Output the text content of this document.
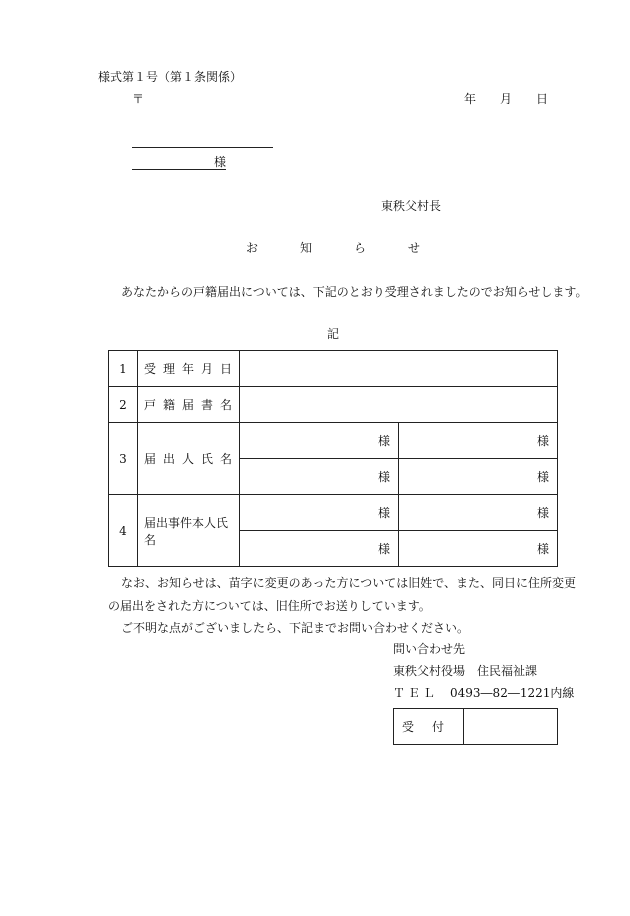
様式第１号（第１条関係）
〒	年 月 日
様
東秩父村長
お	知	ら	せ
あなたからの戸籍届出については、下記のとおり受理されましたのでお知らせします。
記
1	受 理 年 月 日		

2	戸 籍 届 書 名		

3	届 出 人 氏 名	様	様
		様	様
4	届出事件本人氏名	様	様
		様	様
なお、お知らせは、苗字に変更のあった方については旧姓で、また、同日に住所変更
の届出をされた方については、旧住所でお送りしています。
ご不明な点がございましたら、下記までお問い合わせください。
問い合わせ先
東秩父村役場　住民福祉課
ＴＥＬ 0493―82―1221内線
受 付
